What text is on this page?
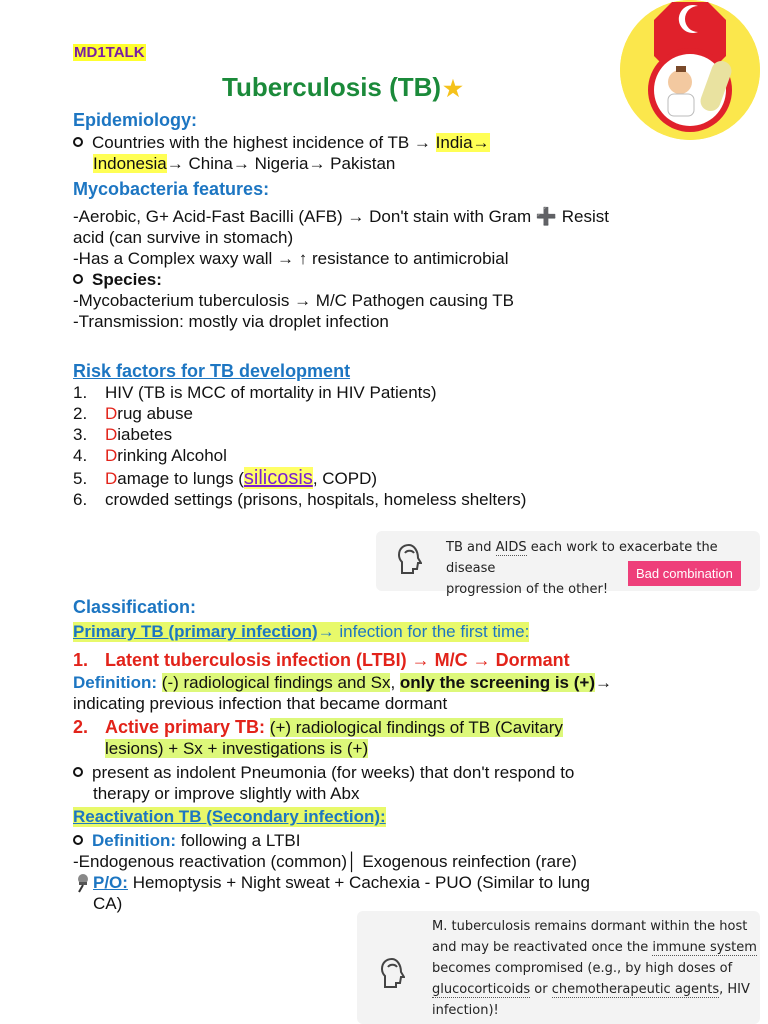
MD1TALK
Tuberculosis (TB)★
Epidemiology:
Countries with the highest incidence of TB → India→
Indonesia→ China→ Nigeria→ Pakistan
Mycobacteria features:
-Aerobic, G+ Acid-Fast Bacilli (AFB) → Don't stain with Gram ➕ Resist
acid (can survive in stomach)
-Has a Complex waxy wall → ↑ resistance to antimicrobial
Species:
-Mycobacterium tuberculosis → M/C Pathogen causing TB
-Transmission: mostly via droplet infection
Risk factors for TB development
1. HIV (TB is MCC of mortality in HIV Patients)
2. Drug abuse
3. Diabetes
4. Drinking Alcohol
5. Damage to lungs (silicosis, COPD)
6. crowded settings (prisons, hospitals, homeless shelters)
TB and AIDS each work to exacerbate the disease
progression of the other!
Bad combination
Classification:
Primary TB (primary infection)→ infection for the first time:
1. Latent tuberculosis infection (LTBI) → M/C → Dormant
Definition: (-) radiological findings and Sx, only the screening is (+)→
indicating previous infection that became dormant
2. Active primary TB: (+) radiological findings of TB (Cavitary
lesions) + Sx + investigations is (+)
present as indolent Pneumonia (for weeks) that don't respond to
therapy or improve slightly with Abx
Reactivation TB (Secondary infection):
Definition: following a LTBI
-Endogenous reactivation (common)│ Exogenous reinfection (rare)
P/O:
Hemoptysis + Night sweat + Cachexia - PUO (Similar to lung
CA)
M. tuberculosis remains dormant within the host
and may be reactivated once the immune system
becomes compromised (e.g., by high doses of
glucocorticoids or chemotherapeutic agents, HIV
infection)!
